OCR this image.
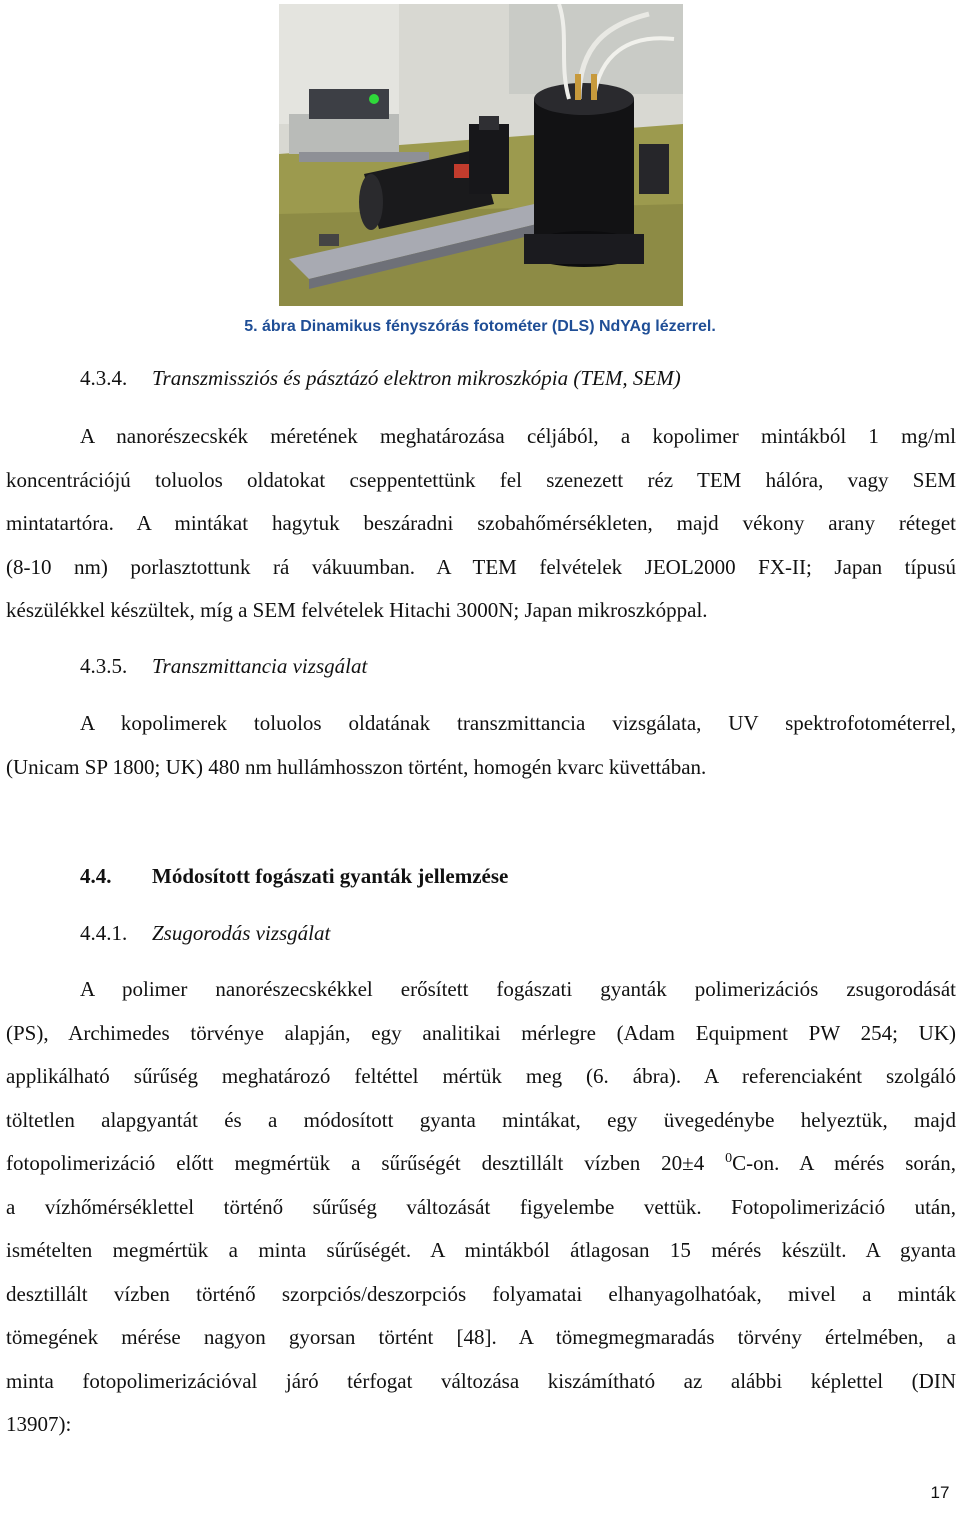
5. ábra Dinamikus fényszórás fotométer (DLS) NdYAg lézerrel.
4.3.4. Transzmissziós és pásztázó elektron mikroszkópia (TEM, SEM)
A nanorészecskék méretének meghatározása céljából, a kopolimer mintákból 1 mg/ml
koncentrációjú toluolos oldatokat cseppentettünk fel szenezett réz TEM hálóra, vagy SEM
mintatartóra. A mintákat hagytuk beszáradni szobahőmérsékleten, majd vékony arany réteget
(8-10 nm) porlasztottunk rá vákuumban. A TEM felvételek JEOL2000 FX-II; Japan típusú
készülékkel készültek, míg a SEM felvételek Hitachi 3000N; Japan mikroszkóppal.
4.3.5. Transzmittancia vizsgálat
A kopolimerek toluolos oldatának transzmittancia vizsgálata, UV spektrofotométerrel,
(Unicam SP 1800; UK) 480 nm hullámhosszon történt, homogén kvarc küvettában.
4.4. Módosított fogászati gyanták jellemzése
4.4.1. Zsugorodás vizsgálat
A polimer nanorészecskékkel erősített fogászati gyanták polimerizációs zsugorodását
(PS), Archimedes törvénye alapján, egy analitikai mérlegre (Adam Equipment PW 254; UK)
applikálható sűrűség meghatározó feltéttel mértük meg (6. ábra). A referenciaként szolgáló
töltetlen alapgyantát és a módosított gyanta mintákat, egy üvegedénybe helyeztük, majd
fotopolimerizáció előtt megmértük a sűrűségét desztillált vízben 20±4 $^0$C-on. A mérés során,
a vízhőmérséklettel történő sűrűség változását figyelembe vettük. Fotopolimerizáció után,
ismételten megmértük a minta sűrűségét. A mintákból átlagosan 15 mérés készült. A gyanta
desztillált vízben történő szorpciós/deszorpciós folyamatai elhanyagolhatóak, mivel a minták
tömegének mérése nagyon gyorsan történt [48]. A tömegmegmaradás törvény értelmében, a
minta fotopolimerizációval járó térfogat változása kiszámítható az alábbi képlettel (DIN
13907):
17
